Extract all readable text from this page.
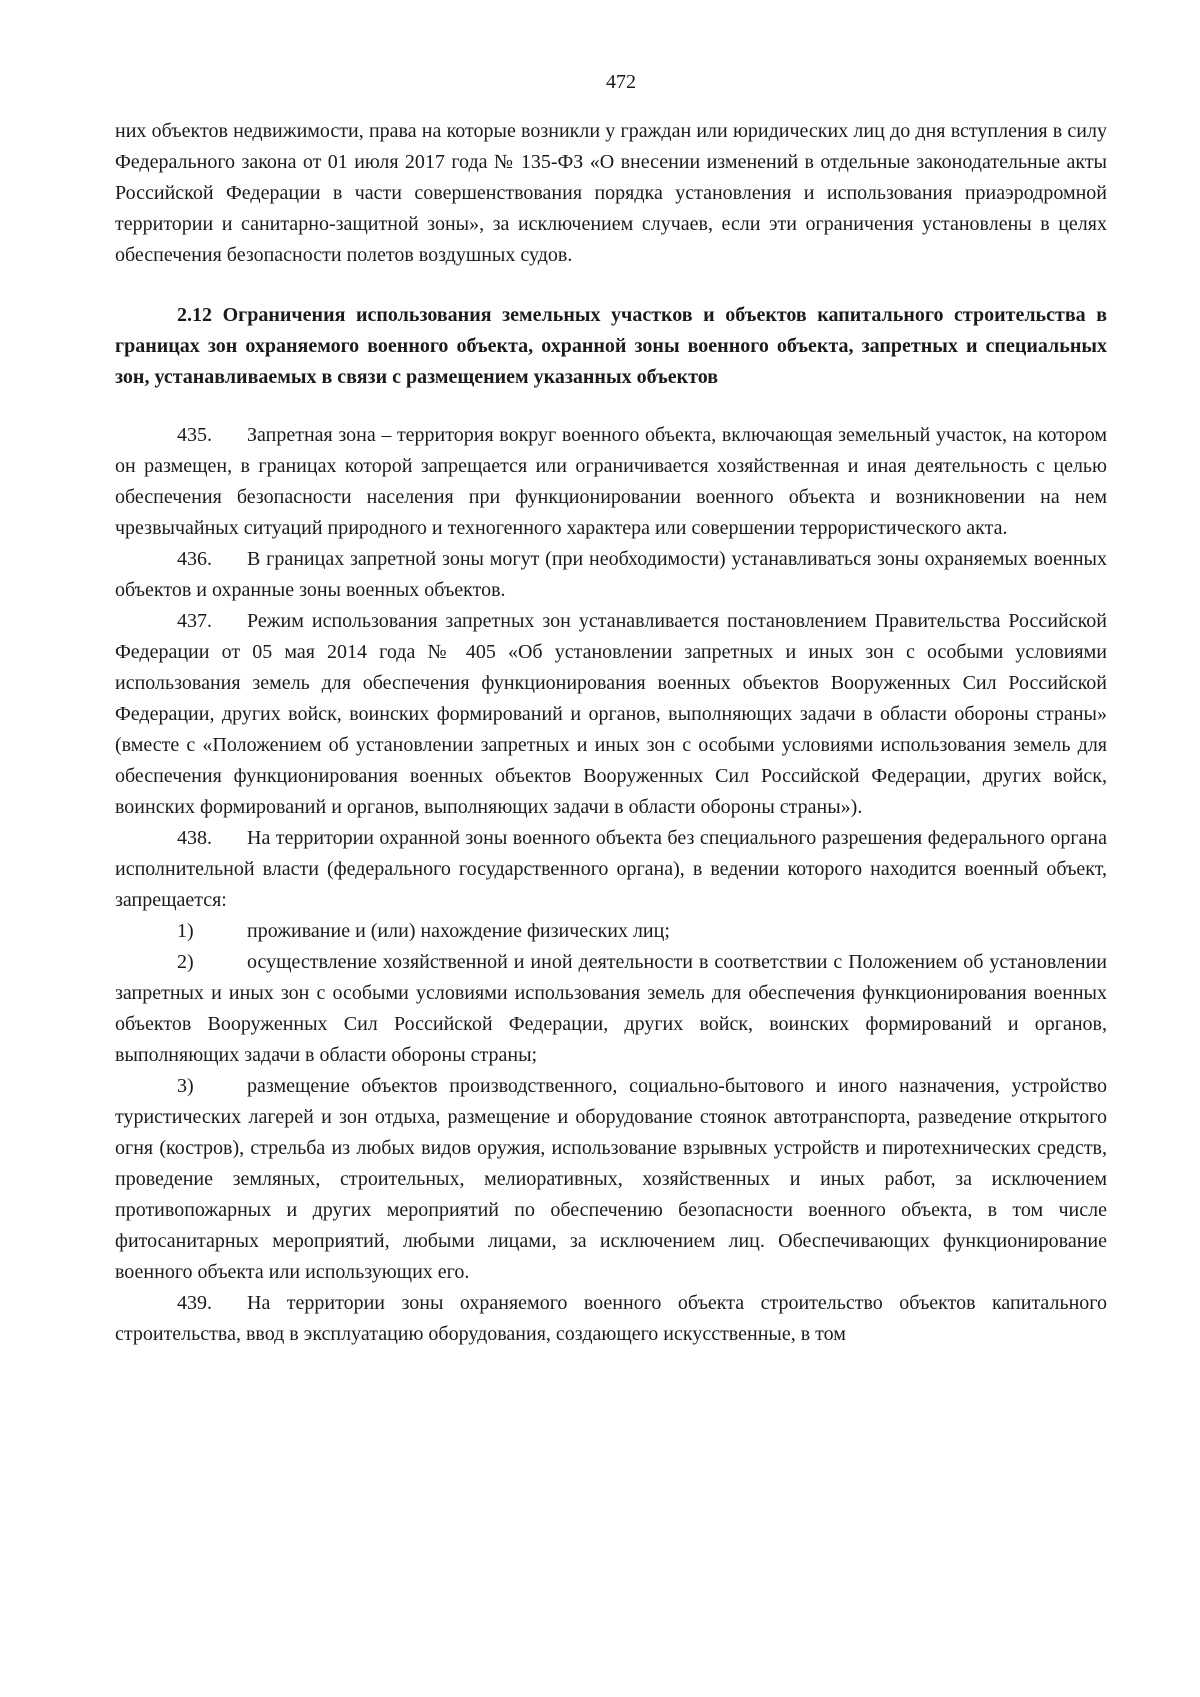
472

них объектов недвижимости, права на которые возникли у граждан или юридических лиц до дня вступления в силу Федерального закона от 01 июля 2017 года № 135-ФЗ «О внесении изменений в отдельные законодательные акты Российской Федерации в части совершенствования порядка установления и использования приаэродромной территории и санитарно-защитной зоны», за исключением случаев, если эти ограничения установлены в целях обеспечения безопасности полетов воздушных судов.

2.12 Ограничения использования земельных участков и объектов капитального строительства в границах зон охраняемого военного объекта, охранной зоны военного объекта, запретных и специальных зон, устанавливаемых в связи с размещением указанных объектов

435. Запретная зона – территория вокруг военного объекта, включающая земельный участок, на котором он размещен, в границах которой запрещается или ограничивается хозяйственная и иная деятельность с целью обеспечения безопасности населения при функционировании военного объекта и возникновении на нем чрезвычайных ситуаций природного и техногенного характера или совершении террористического акта.

436. В границах запретной зоны могут (при необходимости) устанавливаться зоны охраняемых военных объектов и охранные зоны военных объектов.

437. Режим использования запретных зон устанавливается постановлением Правительства Российской Федерации от 05 мая 2014 года № 405 «Об установлении запретных и иных зон с особыми условиями использования земель для обеспечения функционирования военных объектов Вооруженных Сил Российской Федерации, других войск, воинских формирований и органов, выполняющих задачи в области обороны страны» (вместе с «Положением об установлении запретных и иных зон с особыми условиями использования земель для обеспечения функционирования военных объектов Вооруженных Сил Российской Федерации, других войск, воинских формирований и органов, выполняющих задачи в области обороны страны»).

438. На территории охранной зоны военного объекта без специального разрешения федерального органа исполнительной власти (федерального государственного органа), в ведении которого находится военный объект, запрещается:

1)	проживание и (или) нахождение физических лиц;

2)	осуществление хозяйственной и иной деятельности в соответствии с Положением об установлении запретных и иных зон с особыми условиями использования земель для обеспечения функционирования военных объектов Вооруженных Сил Российской Федерации, других войск, воинских формирований и органов, выполняющих задачи в области обороны страны;

3)	размещение объектов производственного, социально-бытового и иного назначения, устройство туристических лагерей и зон отдыха, размещение и оборудование стоянок автотранспорта, разведение открытого огня (костров), стрельба из любых видов оружия, использование взрывных устройств и пиротехнических средств, проведение земляных, строительных, мелиоративных, хозяйственных и иных работ, за исключением противопожарных и других мероприятий по обеспечению безопасности военного объекта, в том числе фитосанитарных мероприятий, любыми лицами, за исключением лиц. Обеспечивающих функционирование военного объекта или использующих его.

439. На территории зоны охраняемого военного объекта строительство объектов капитального строительства, ввод в эксплуатацию оборудования, создающего искусственные, в том
